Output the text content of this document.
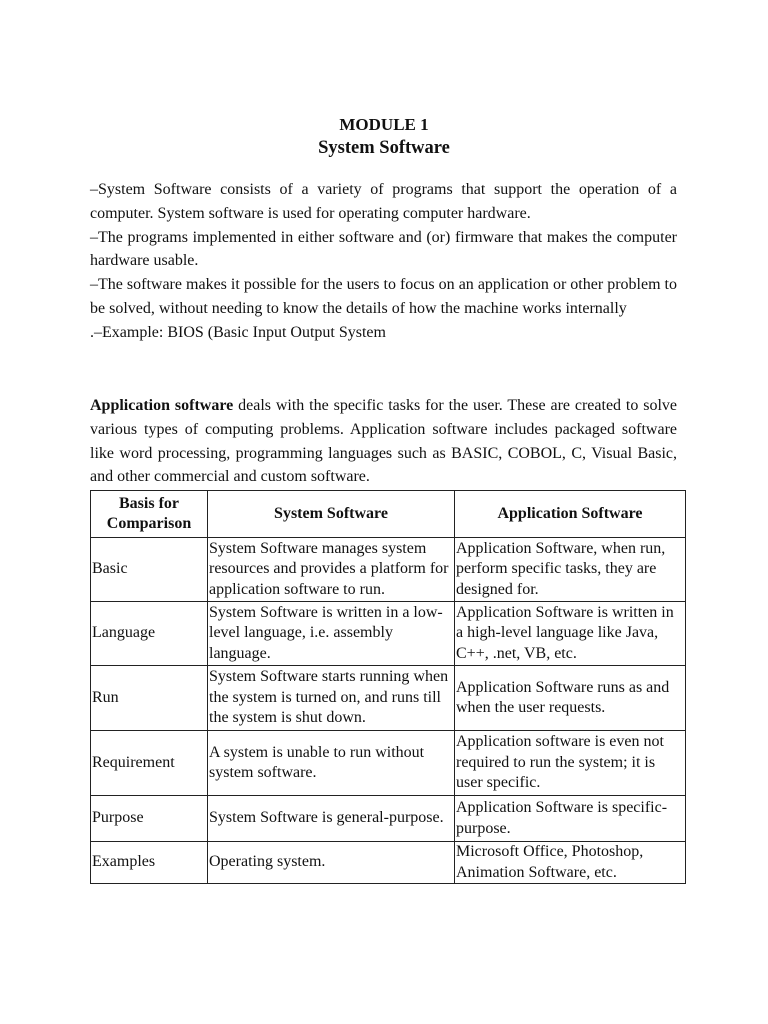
MODULE 1
System Software

–System Software consists of a variety of programs that support the operation of a computer. System software is used for operating computer hardware.

–The programs implemented in either software and (or) firmware that makes the computer hardware usable.

–The software makes it possible for the users to focus on an application or other problem to be solved, without needing to know the details of how the machine works internally

.–Example: BIOS (Basic Input Output System

Application software deals with the specific tasks for the user. These are created to solve various types of computing problems. Application software includes packaged software like word processing, programming languages such as BASIC, COBOL, C, Visual Basic, and other commercial and custom software.

Basis for Comparison	System Software	Application Software
Basic	System Software manages system resources and provides a platform for application software to run.	Application Software, when run, perform specific tasks, they are designed for.
Language	System Software is written in a low-level language, i.e. assembly language.	Application Software is written in a high-level language like Java, C++, .net, VB, etc.
Run	System Software starts running when the system is turned on, and runs till the system is shut down.	Application Software runs as and when the user requests.
Requirement	A system is unable to run without system software.	Application software is even not required to run the system; it is user specific.
Purpose	System Software is general-purpose.	Application Software is specific-purpose.
Examples	Operating system.	Microsoft Office, Photoshop, Animation Software, etc.
